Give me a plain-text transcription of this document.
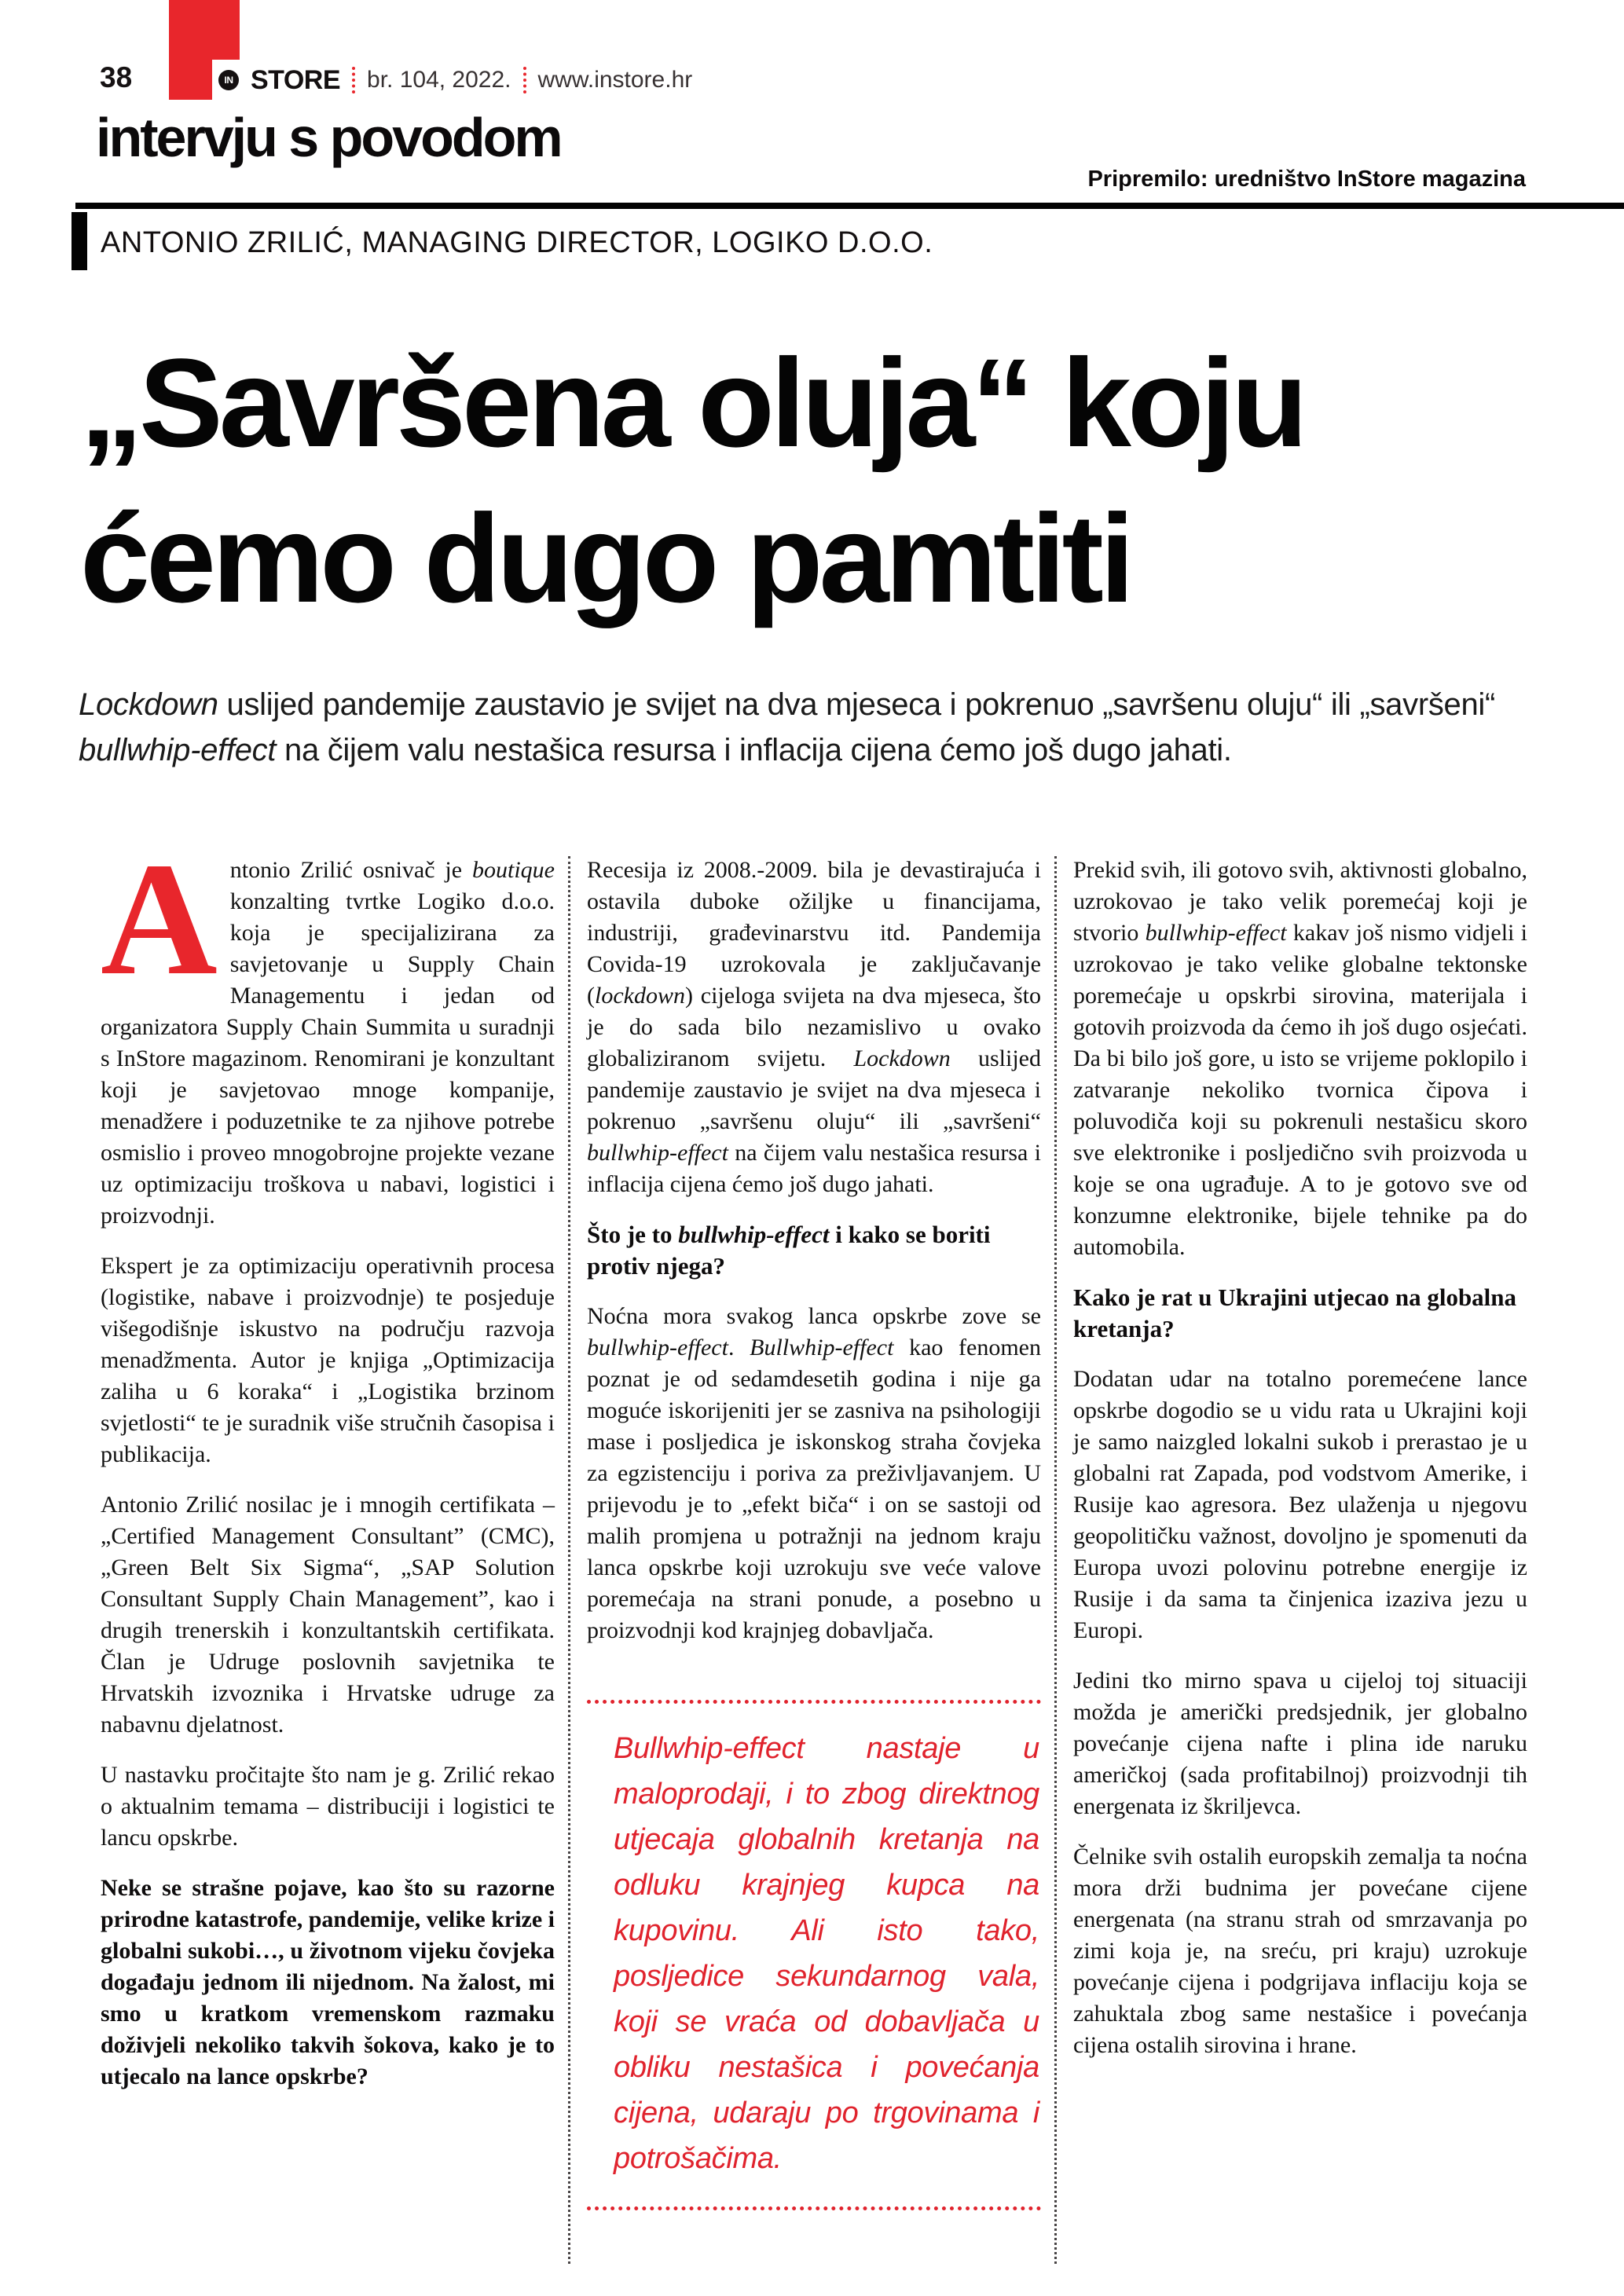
38	IN STORE br. 104, 2022. www.instore.hr
intervju s povodom
Pripremilo: uredništvo InStore magazina
ANTONIO ZRILIĆ, MANAGING DIRECTOR, LOGIKO D.O.O.
„Savršena oluja“ koju
ćemo dugo pamtiti
Lockdown uslijed pandemije zaustavio je svijet na dva mjeseca i pokrenuo „savršenu oluju“ ili „savršeni“ bullwhip-effect na čijem valu nestašica resursa i inflacija cijena ćemo još dugo jahati.

Antonio Zrilić osnivač je boutique konzalting tvrtke Logiko d.o.o. koja je specijalizirana za savjetovanje u Supply Chain Managementu i jedan od organizatora Supply Chain Summita u suradnji s InStore magazinom. Renomirani je konzultant koji je savjetovao mnoge kompanije, menadžere i poduzetnike te za njihove potrebe osmislio i proveo mnogobrojne projekte vezane uz optimizaciju troškova u nabavi, logistici i proizvodnji.

Ekspert je za optimizaciju operativnih procesa (logistike, nabave i proizvodnje) te posjeduje višegodišnje iskustvo na području razvoja menadžmenta. Autor je knjiga „Optimizacija zaliha u 6 koraka“ i „Logistika brzinom svjetlosti“ te je suradnik više stručnih časopisa i publikacija.

Antonio Zrilić nosilac je i mnogih certifikata – „Certified Management Consultant” (CMC), „Green Belt Six Sigma“, „SAP Solution Consultant Supply Chain Management”, kao i drugih trenerskih i konzultantskih certifikata. Član je Udruge poslovnih savjetnika te Hrvatskih izvoznika i Hrvatske udruge za nabavnu djelatnost.

U nastavku pročitajte što nam je g. Zrilić rekao o aktualnim temama – distribuciji i logistici te lancu opskrbe.

Neke se strašne pojave, kao što su razorne prirodne katastrofe, pandemije, velike krize i globalni sukobi…, u životnom vijeku čovjeka događaju jednom ili nijednom. Na žalost, mi smo u kratkom vremenskom razmaku doživjeli nekoliko takvih šokova, kako je to utjecalo na lance opskrbe?

Recesija iz 2008.-2009. bila je devastirajuća i ostavila duboke ožiljke u financijama, industriji, građevinarstvu itd. Pandemija Covida-19 uzrokovala je zaključavanje (lockdown) cijeloga svijeta na dva mjeseca, što je do sada bilo nezamislivo u ovako globaliziranom svijetu. Lockdown uslijed pandemije zaustavio je svijet na dva mjeseca i pokrenuo „savršenu oluju“ ili „savršeni“ bullwhip-effect na čijem valu nestašica resursa i inflacija cijena ćemo još dugo jahati.

Što je to bullwhip-effect i kako se boriti protiv njega?

Noćna mora svakog lanca opskrbe zove se bullwhip-effect. Bullwhip-effect kao fenomen poznat je od sedamdesetih godina i nije ga moguće iskorijeniti jer se zasniva na psihologiji mase i posljedica je iskonskog straha čovjeka za egzistenciju i poriva za preživljavanjem. U prijevodu je to „efekt biča“ i on se sastoji od malih promjena u potražnji na jednom kraju lanca opskrbe koji uzrokuju sve veće valove poremećaja na strani ponude, a posebno u proizvodnji kod krajnjeg dobavljača.

Bullwhip-effect nastaje u maloprodaji, i to zbog direktnog utjecaja globalnih kretanja na odluku krajnjeg kupca na kupovinu. Ali isto tako, posljedice sekundarnog vala, koji se vraća od dobavljača u obliku nestašica i povećanja cijena, udaraju po trgovinama i potrošačima.

Prekid svih, ili gotovo svih, aktivnosti globalno, uzrokovao je tako velik poremećaj koji je stvorio bullwhip-effect kakav još nismo vidjeli i uzrokovao je tako velike globalne tektonske poremećaje u opskrbi sirovina, materijala i gotovih proizvoda da ćemo ih još dugo osjećati. Da bi bilo još gore, u isto se vrijeme poklopilo i zatvaranje nekoliko tvornica čipova i poluvodiča koji su pokrenuli nestašicu skoro sve elektronike i posljedično svih proizvoda u koje se ona ugrađuje. A to je gotovo sve od konzumne elektronike, bijele tehnike pa do automobila.

Kako je rat u Ukrajini utjecao na globalna kretanja?

Dodatan udar na totalno poremećene lance opskrbe dogodio se u vidu rata u Ukrajini koji je samo naizgled lokalni sukob i prerastao je u globalni rat Zapada, pod vodstvom Amerike, i Rusije kao agresora. Bez ulaženja u njegovu geopolitičku važnost, dovoljno je spomenuti da Europa uvozi polovinu potrebne energije iz Rusije i da sama ta činjenica izaziva jezu u Europi.

Jedini tko mirno spava u cijeloj toj situaciji možda je američki predsjednik, jer globalno povećanje cijena nafte i plina ide naruku američkoj (sada profitabilnoj) proizvodnji tih energenata iz škriljevca.

Čelnike svih ostalih europskih zemalja ta noćna mora drži budnima jer povećane cijene energenata (na stranu strah od smrzavanja po zimi koja je, na sreću, pri kraju) uzrokuje povećanje cijena i podgrijava inflaciju koja se zahuktala zbog same nestašice i povećanja cijena ostalih sirovina i hrane.
